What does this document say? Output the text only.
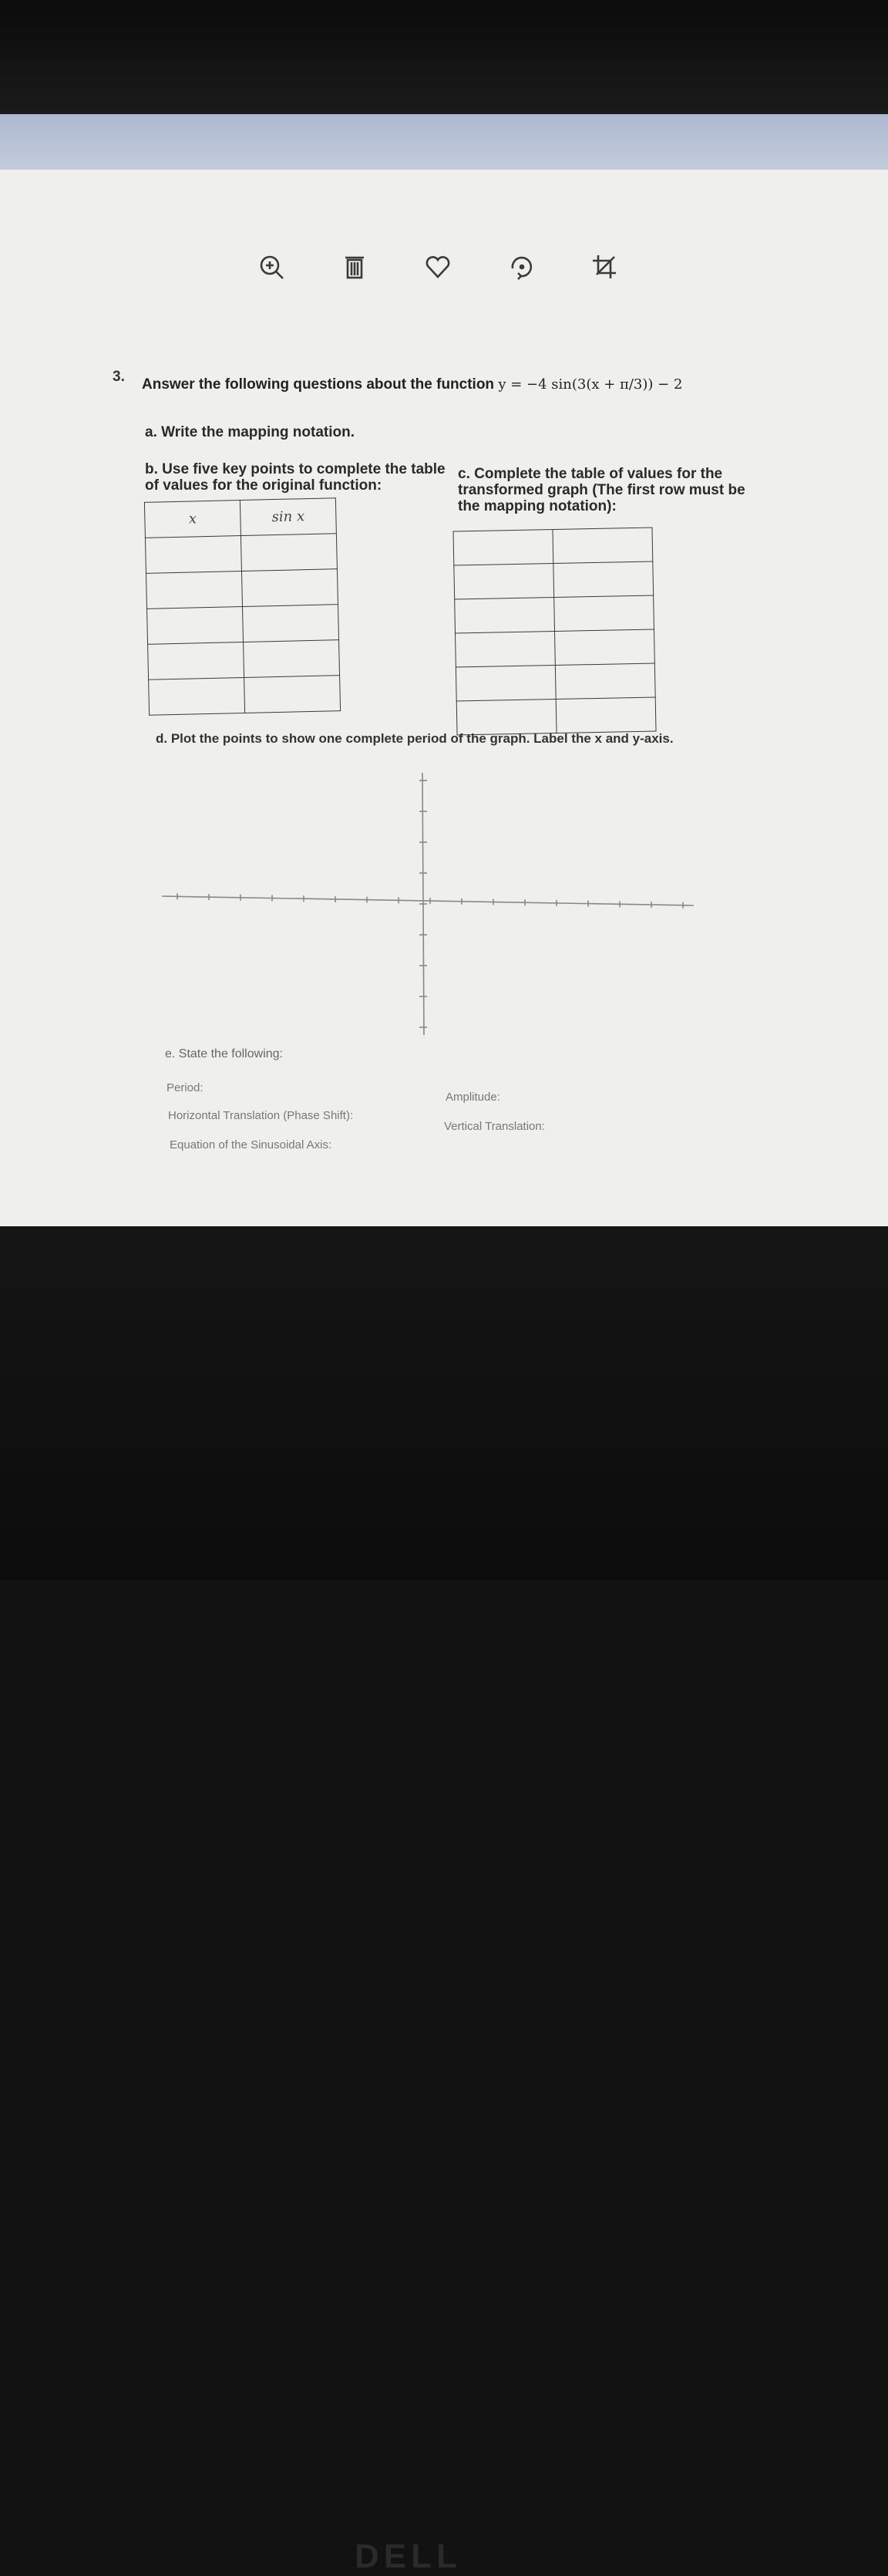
3. Answer the following questions about the function y = −4 sin(3(x + π/3)) − 2
a. Write the mapping notation.
b. Use five key points to complete the table of values for the original function:
c. Complete the table of values for the transformed graph (The first row must be the mapping notation):
x	sin x

d. Plot the points to show one complete period of the graph. Label the x and y-axis.
e. State the following:
Period:
Amplitude:
Horizontal Translation (Phase Shift):
Vertical Translation:
Equation of the Sinusoidal Axis:
DELL
